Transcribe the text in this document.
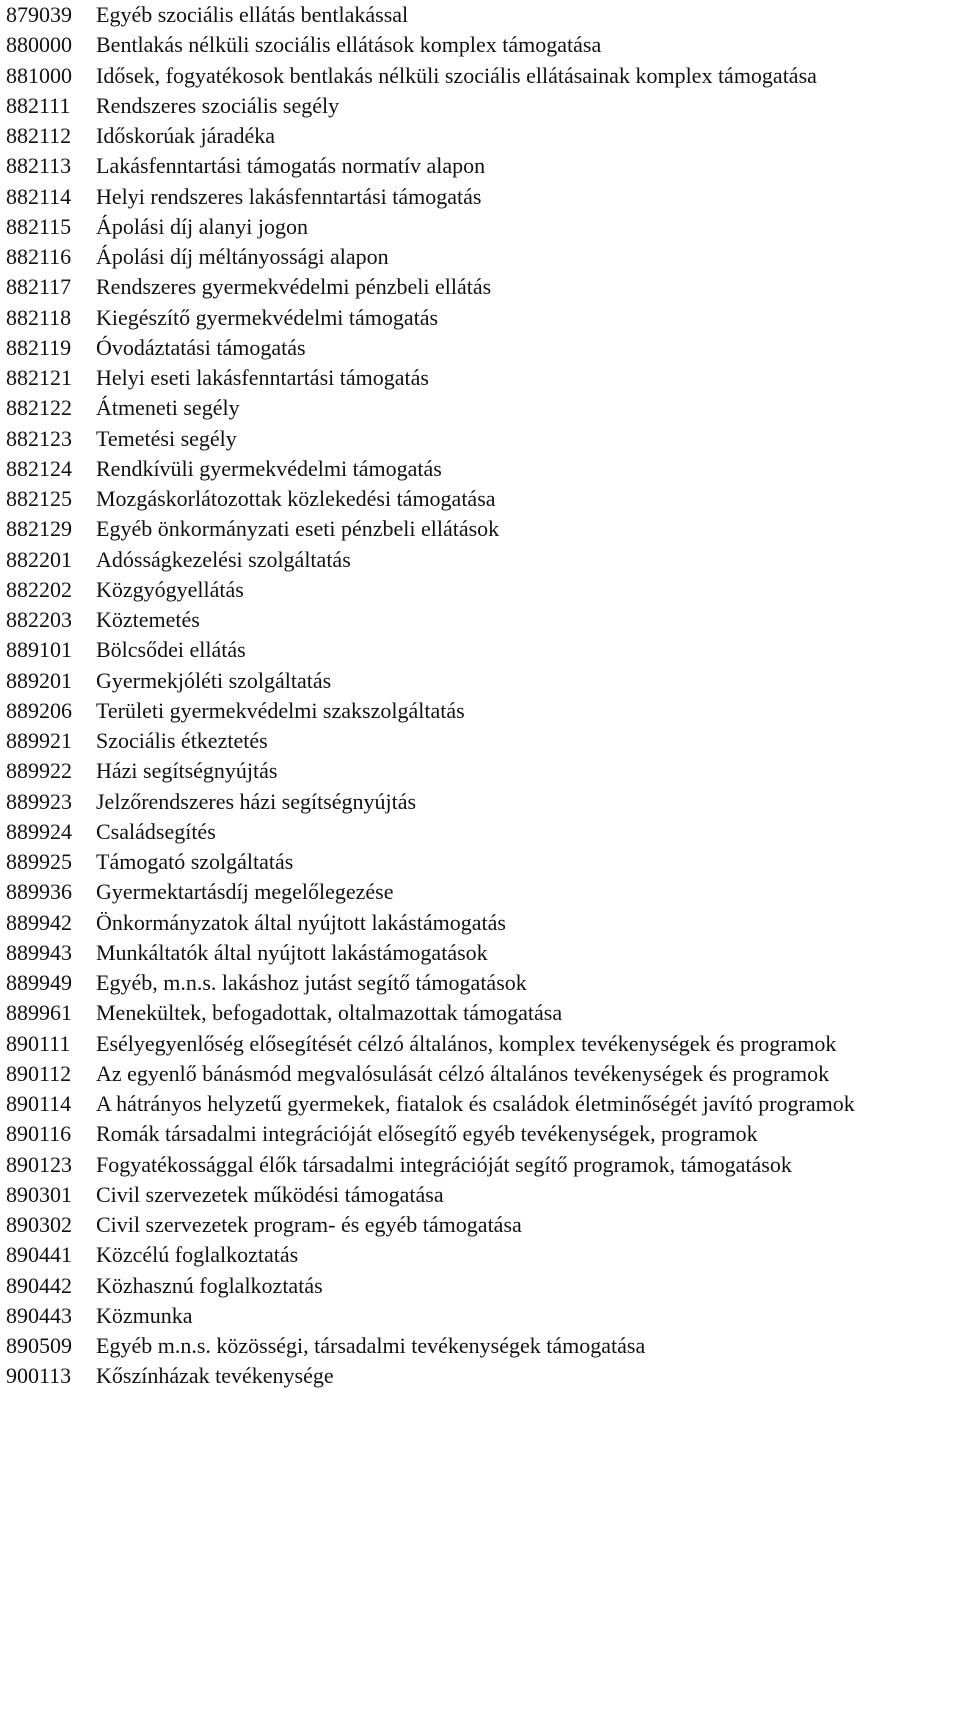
879039 Egyéb szociális ellátás bentlakással

880000 Bentlakás nélküli szociális ellátások komplex támogatása

881000 Idősek, fogyatékosok bentlakás nélküli szociális ellátásainak komplex támogatása

882111 Rendszeres szociális segély

882112 Időskorúak járadéka

882113 Lakásfenntartási támogatás normatív alapon

882114 Helyi rendszeres lakásfenntartási támogatás

882115 Ápolási díj alanyi jogon

882116 Ápolási díj méltányossági alapon

882117 Rendszeres gyermekvédelmi pénzbeli ellátás

882118 Kiegészítő gyermekvédelmi támogatás

882119 Óvodáztatási támogatás

882121 Helyi eseti lakásfenntartási támogatás

882122 Átmeneti segély

882123 Temetési segély

882124 Rendkívüli gyermekvédelmi támogatás

882125 Mozgáskorlátozottak közlekedési támogatása

882129 Egyéb önkormányzati eseti pénzbeli ellátások

882201 Adósságkezelési szolgáltatás

882202 Közgyógyellátás

882203 Köztemetés

889101 Bölcsődei ellátás

889201 Gyermekjóléti szolgáltatás

889206 Területi gyermekvédelmi szakszolgáltatás

889921 Szociális étkeztetés

889922 Házi segítségnyújtás

889923 Jelzőrendszeres házi segítségnyújtás

889924 Családsegítés

889925 Támogató szolgáltatás

889936 Gyermektartásdíj megelőlegezése

889942 Önkormányzatok által nyújtott lakástámogatás

889943 Munkáltatók által nyújtott lakástámogatások

889949 Egyéb, m.n.s. lakáshoz jutást segítő támogatások

889961 Menekültek, befogadottak, oltalmazottak támogatása

890111 Esélyegyenlőség elősegítését célzó általános, komplex tevékenységek és programok

890112 Az egyenlő bánásmód megvalósulását célzó általános tevékenységek és programok

890114 A hátrányos helyzetű gyermekek, fiatalok és családok életminőségét javító programok

890116 Romák társadalmi integrációját elősegítő egyéb tevékenységek, programok

890123 Fogyatékossággal élők társadalmi integrációját segítő programok, támogatások

890301 Civil szervezetek működési támogatása

890302 Civil szervezetek program- és egyéb támogatása

890441 Közcélú foglalkoztatás

890442 Közhasznú foglalkoztatás

890443 Közmunka

890509 Egyéb m.n.s. közösségi, társadalmi tevékenységek támogatása

900113 Kőszínházak tevékenysége
